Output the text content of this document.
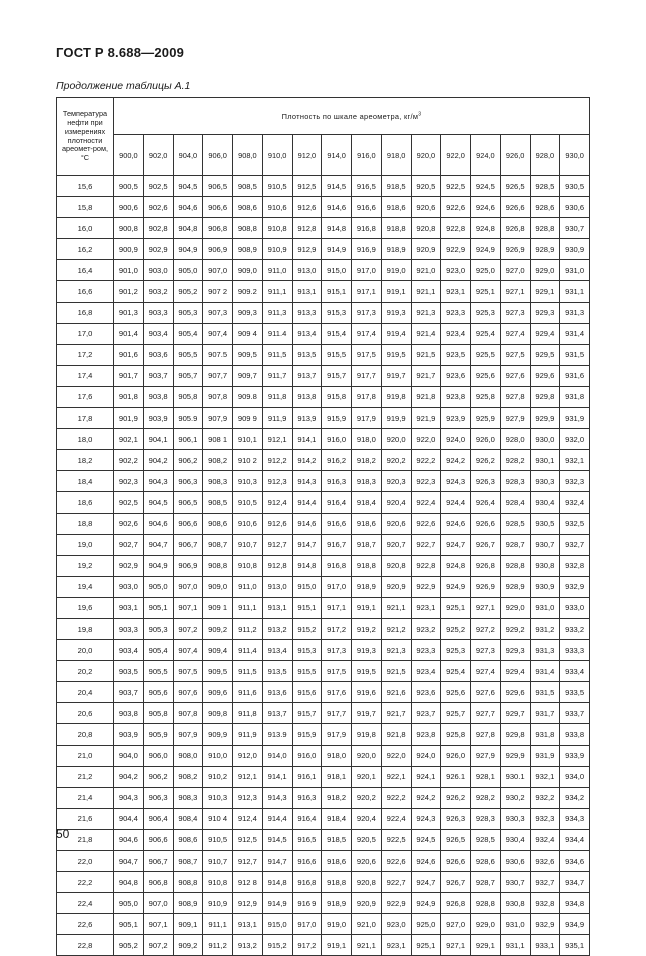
ГОСТ Р 8.688—2009
Продолжение таблицы А.1
Температура нефти при измерениях плотности ареомет-ром, °С	Плотность по шкале ареометра, $кг/м^3$
	900,0	902,0	904,0	906,0	908,0	910,0	912,0	914,0	916,0	918,0	920,0	922,0	924,0	926,0	928,0	930,0
15,6	900,5	902,5	904,5	906,5	908,5	910,5	912,5	914,5	916,5	918,5	920,5	922,5	924,5	926,5	928,5	930,5
15,8	900,6	902,6	904,6	906,6	908,6	910,6	912,6	914,6	916,6	918,6	920,6	922,6	924,6	926,6	928,6	930,6
16,0	900,8	902,8	904,8	906,8	908,8	910,8	912,8	914,8	916,8	918,8	920,8	922,8	924,8	926,8	928,8	930,7
16,2	900,9	902,9	904,9	906,9	908,9	910,9	912,9	914,9	916,9	918,9	920,9	922,9	924,9	926,9	928,9	930,9
16,4	901,0	903,0	905,0	907,0	909,0	911,0	913,0	915,0	917,0	919,0	921,0	923,0	925,0	927,0	929,0	931,0
16,6	901,2	903,2	905,2	907 2	909.2	911,1	913,1	915,1	917,1	919,1	921,1	923,1	925,1	927,1	929,1	931,1
16,8	901,3	903,3	905,3	907,3	909,3	911,3	913,3	915,3	917,3	919,3	921,3	923,3	925,3	927,3	929,3	931,3
17,0	901,4	903,4	905,4	907,4	909 4	911.4	913,4	915,4	917,4	919,4	921,4	923,4	925,4	927,4	929,4	931,4
17,2	901,6	903,6	905,5	907.5	909,5	911,5	913,5	915,5	917,5	919,5	921,5	923,5	925,5	927,5	929,5	931,5
17,4	901,7	903,7	905,7	907,7	909,7	911,7	913,7	915,7	917,7	919,7	921,7	923,6	925,6	927,6	929,6	931,6
17,6	901,8	903,8	905,8	907,8	909.8	911,8	913,8	915,8	917,8	919,8	921,8	923,8	925,8	927,8	929,8	931,8
17,8	901,9	903,9	905.9	907,9	909 9	911,9	913,9	915,9	917,9	919,9	921,9	923,9	925,9	927,9	929,9	931,9
18,0	902,1	904,1	906,1	908 1	910,1	912,1	914,1	916,0	918,0	920,0	922,0	924,0	926,0	928,0	930,0	932,0
18,2	902,2	904,2	906,2	908,2	910 2	912,2	914,2	916,2	918,2	920,2	922,2	924,2	926,2	928,2	930,1	932,1
18,4	902,3	904,3	906,3	908,3	910,3	912,3	914,3	916,3	918,3	920,3	922,3	924,3	926,3	928,3	930,3	932,3
18,6	902,5	904,5	906,5	908,5	910,5	912,4	914,4	916,4	918,4	920,4	922,4	924,4	926,4	928,4	930,4	932,4
18,8	902,6	904,6	906,6	908,6	910,6	912,6	914,6	916,6	918,6	920,6	922,6	924,6	926,6	928,5	930,5	932,5
19,0	902,7	904,7	906,7	908,7	910,7	912,7	914,7	916,7	918,7	920,7	922,7	924,7	926,7	928,7	930,7	932,7
19,2	902,9	904,9	906,9	908,8	910,8	912,8	914,8	916,8	918,8	920,8	922,8	924,8	926,8	928,8	930,8	932,8
19,4	903,0	905,0	907,0	909,0	911,0	913,0	915,0	917,0	918,9	920,9	922,9	924,9	926,9	928,9	930,9	932,9
19,6	903,1	905,1	907,1	909 1	911,1	913,1	915,1	917,1	919,1	921,1	923,1	925,1	927,1	929,0	931,0	933,0
19,8	903,3	905,3	907,2	909,2	911,2	913,2	915,2	917,2	919,2	921,2	923,2	925,2	927,2	929,2	931,2	933,2
20,0	903,4	905,4	907,4	909,4	911,4	913,4	915,3	917,3	919,3	921,3	923,3	925,3	927,3	929,3	931,3	933,3
20,2	903,5	905,5	907,5	909,5	911,5	913,5	915,5	917,5	919,5	921,5	923,4	925,4	927,4	929,4	931,4	933,4
20,4	903,7	905,6	907,6	909,6	911,6	913,6	915,6	917,6	919,6	921,6	923,6	925,6	927,6	929,6	931,5	933,5
20,6	903,8	905,8	907,8	909,8	911,8	913,7	915,7	917,7	919,7	921,7	923,7	925,7	927,7	929,7	931,7	933,7
20,8	903,9	905,9	907,9	909,9	911,9	913.9	915,9	917,9	919,8	921,8	923,8	925,8	927,8	929,8	931,8	933,8
21,0	904,0	906,0	908,0	910,0	912,0	914,0	916,0	918,0	920,0	922,0	924,0	926,0	927,9	929,9	931,9	933,9
21,2	904,2	906,2	908,2	910,2	912,1	914,1	916,1	918,1	920,1	922,1	924,1	926.1	928,1	930.1	932,1	934,0
21,4	904,3	906,3	908,3	910,3	912,3	914,3	916,3	918,2	920,2	922,2	924,2	926,2	928,2	930,2	932,2	934,2
21,6	904,4	906,4	908,4	910 4	912,4	914,4	916,4	918,4	920,4	922,4	924,3	926,3	928,3	930,3	932,3	934,3
21,8	904,6	906,6	908,6	910,5	912,5	914,5	916,5	918,5	920,5	922,5	924,5	926,5	928,5	930,4	932,4	934,4
22,0	904,7	906,7	908,7	910,7	912,7	914,7	916,6	918,6	920,6	922,6	924,6	926,6	928,6	930,6	932,6	934,6
22,2	904,8	906,8	908,8	910,8	912 8	914,8	916,8	918,8	920,8	922,7	924,7	926,7	928,7	930,7	932,7	934,7
22,4	905,0	907,0	908,9	910,9	912,9	914,9	916 9	918,9	920,9	922,9	924,9	926,8	928,8	930,8	932,8	934,8
22,6	905,1	907,1	909,1	911,1	913,1	915,0	917,0	919,0	921,0	923,0	925,0	927,0	929,0	931,0	932,9	934,9
22,8	905,2	907,2	909,2	911,2	913,2	915,2	917,2	919,1	921,1	923,1	925,1	927,1	929,1	931,1	933,1	935,1
50
